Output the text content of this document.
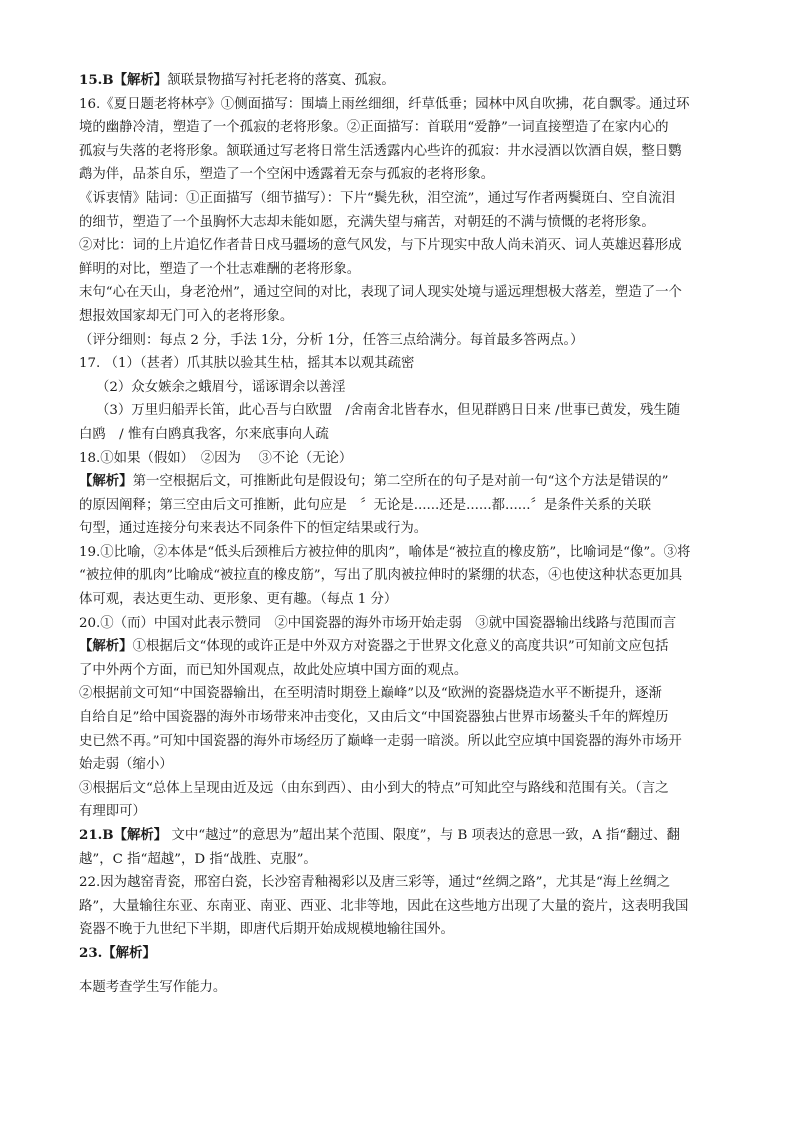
15.B【解析】颔联景物描写衬托老将的落寞、孤寂。
16.《夏日题老将林亭》①侧面描写：围墙上雨丝细细，纤草低垂；园林中风自吹拂，花自飘零。通过环
境的幽静冷清，塑造了一个孤寂的老将形象。②正面描写：首联用“爱静”一词直接塑造了在家内心的
孤寂与失落的老将形象。颔联通过写老将日常生活透露内心些许的孤寂：井水浸酒以饮酒自娱，整日鹦
鹉为伴，品茶自乐，塑造了一个空闲中透露着无奈与孤寂的老将形象。
《诉衷情》陆词：①正面描写（细节描写）：下片“鬓先秋，泪空流”，通过写作者两鬓斑白、空自流泪
的细节，塑造了一个虽胸怀大志却未能如愿，充满失望与痛苦，对朝廷的不满与愤慨的老将形象。
②对比：词的上片追忆作者昔日戍马疆场的意气风发，与下片现实中敌人尚未消灭、词人英雄迟暮形成
鲜明的对比，塑造了一个壮志难酬的老将形象。
末句“心在天山，身老沧州”，通过空间的对比，表现了词人现实处境与遥远理想极大落差，塑造了一个
想报效国家却无门可入的老将形象。
（评分细则：每点 2 分，手法 1分，分析 1分，任答三点给满分。每首最多答两点。）
17. （1）（甚者）爪其肤以验其生枯，摇其本以观其疏密
（2）众女嫉余之蛾眉兮，谣诼谓余以善淫
（3）万里归船弄长笛，此心吾与白欧盟　/舍南舍北皆春水，但见群鸥日日来 /世事已黄发，残生随
白鸥　/ 惟有白鸥真我客，尔来底事向人疏
18.①如果（假如）　②因为　 ③不论（无论）
【解析】第一空根据后文，可推断此句是假设句；第二空所在的句子是对前一句“这个方法是错误的”
的原因阐释；第三空由后文可推断，此句应是　〞无论是......还是......都......〞是条件关系的关联
句型，通过连接分句来表达不同条件下的恒定结果或行为。
19.①比喻，②本体是“低头后颈椎后方被拉伸的肌肉”，喻体是“被拉直的橡皮筋”，比喻词是“像”。③将
“被拉伸的肌肉”比喻成“被拉直的橡皮筋”，写出了肌肉被拉伸时的紧绷的状态，④也使这种状态更加具
体可观，表达更生动、更形象、更有趣。（每点 1 分）
20.①（而）中国对此表示赞同　②中国瓷器的海外市场开始走弱　③就中国瓷器输出线路与范围而言
【解析】①根据后文“体现的或许正是中外双方对瓷器之于世界文化意义的高度共识”可知前文应包括
了中外两个方面，而已知外国观点，故此处应填中国方面的观点。
②根据前文可知“中国瓷器输出，在至明清时期登上巅峰”以及“欧洲的瓷器烧造水平不断提升，逐渐
自给自足”给中国瓷器的海外市场带来冲击变化，又由后文“中国瓷器独占世界市场鳌头千年的辉煌历
史已然不再。”可知中国瓷器的海外市场经历了巅峰一走弱一暗淡。所以此空应填中国瓷器的海外市场开
始走弱（缩小）
③根据后文“总体上呈现由近及远（由东到西）、由小到大的特点”可知此空与路线和范围有关。（言之
有理即可）
21.B【解析】 文中“越过”的意思为”超出某个范围、限度”，与 B 项表达的意思一致，A 指“翻过、翻
越”，C 指“超越”，D 指“战胜、克服”。
22.因为越窑青瓷，邢窑白瓷，长沙窑青釉褐彩以及唐三彩等，通过“丝绸之路”，尤其是“海上丝绸之
路”，大量输往东亚、东南亚、南亚、西亚、北非等地，因此在这些地方出现了大量的瓷片，这表明我国
瓷器不晚于九世纪下半期，即唐代后期开始成规模地输往国外。
23.【解析】
本题考查学生写作能力。
